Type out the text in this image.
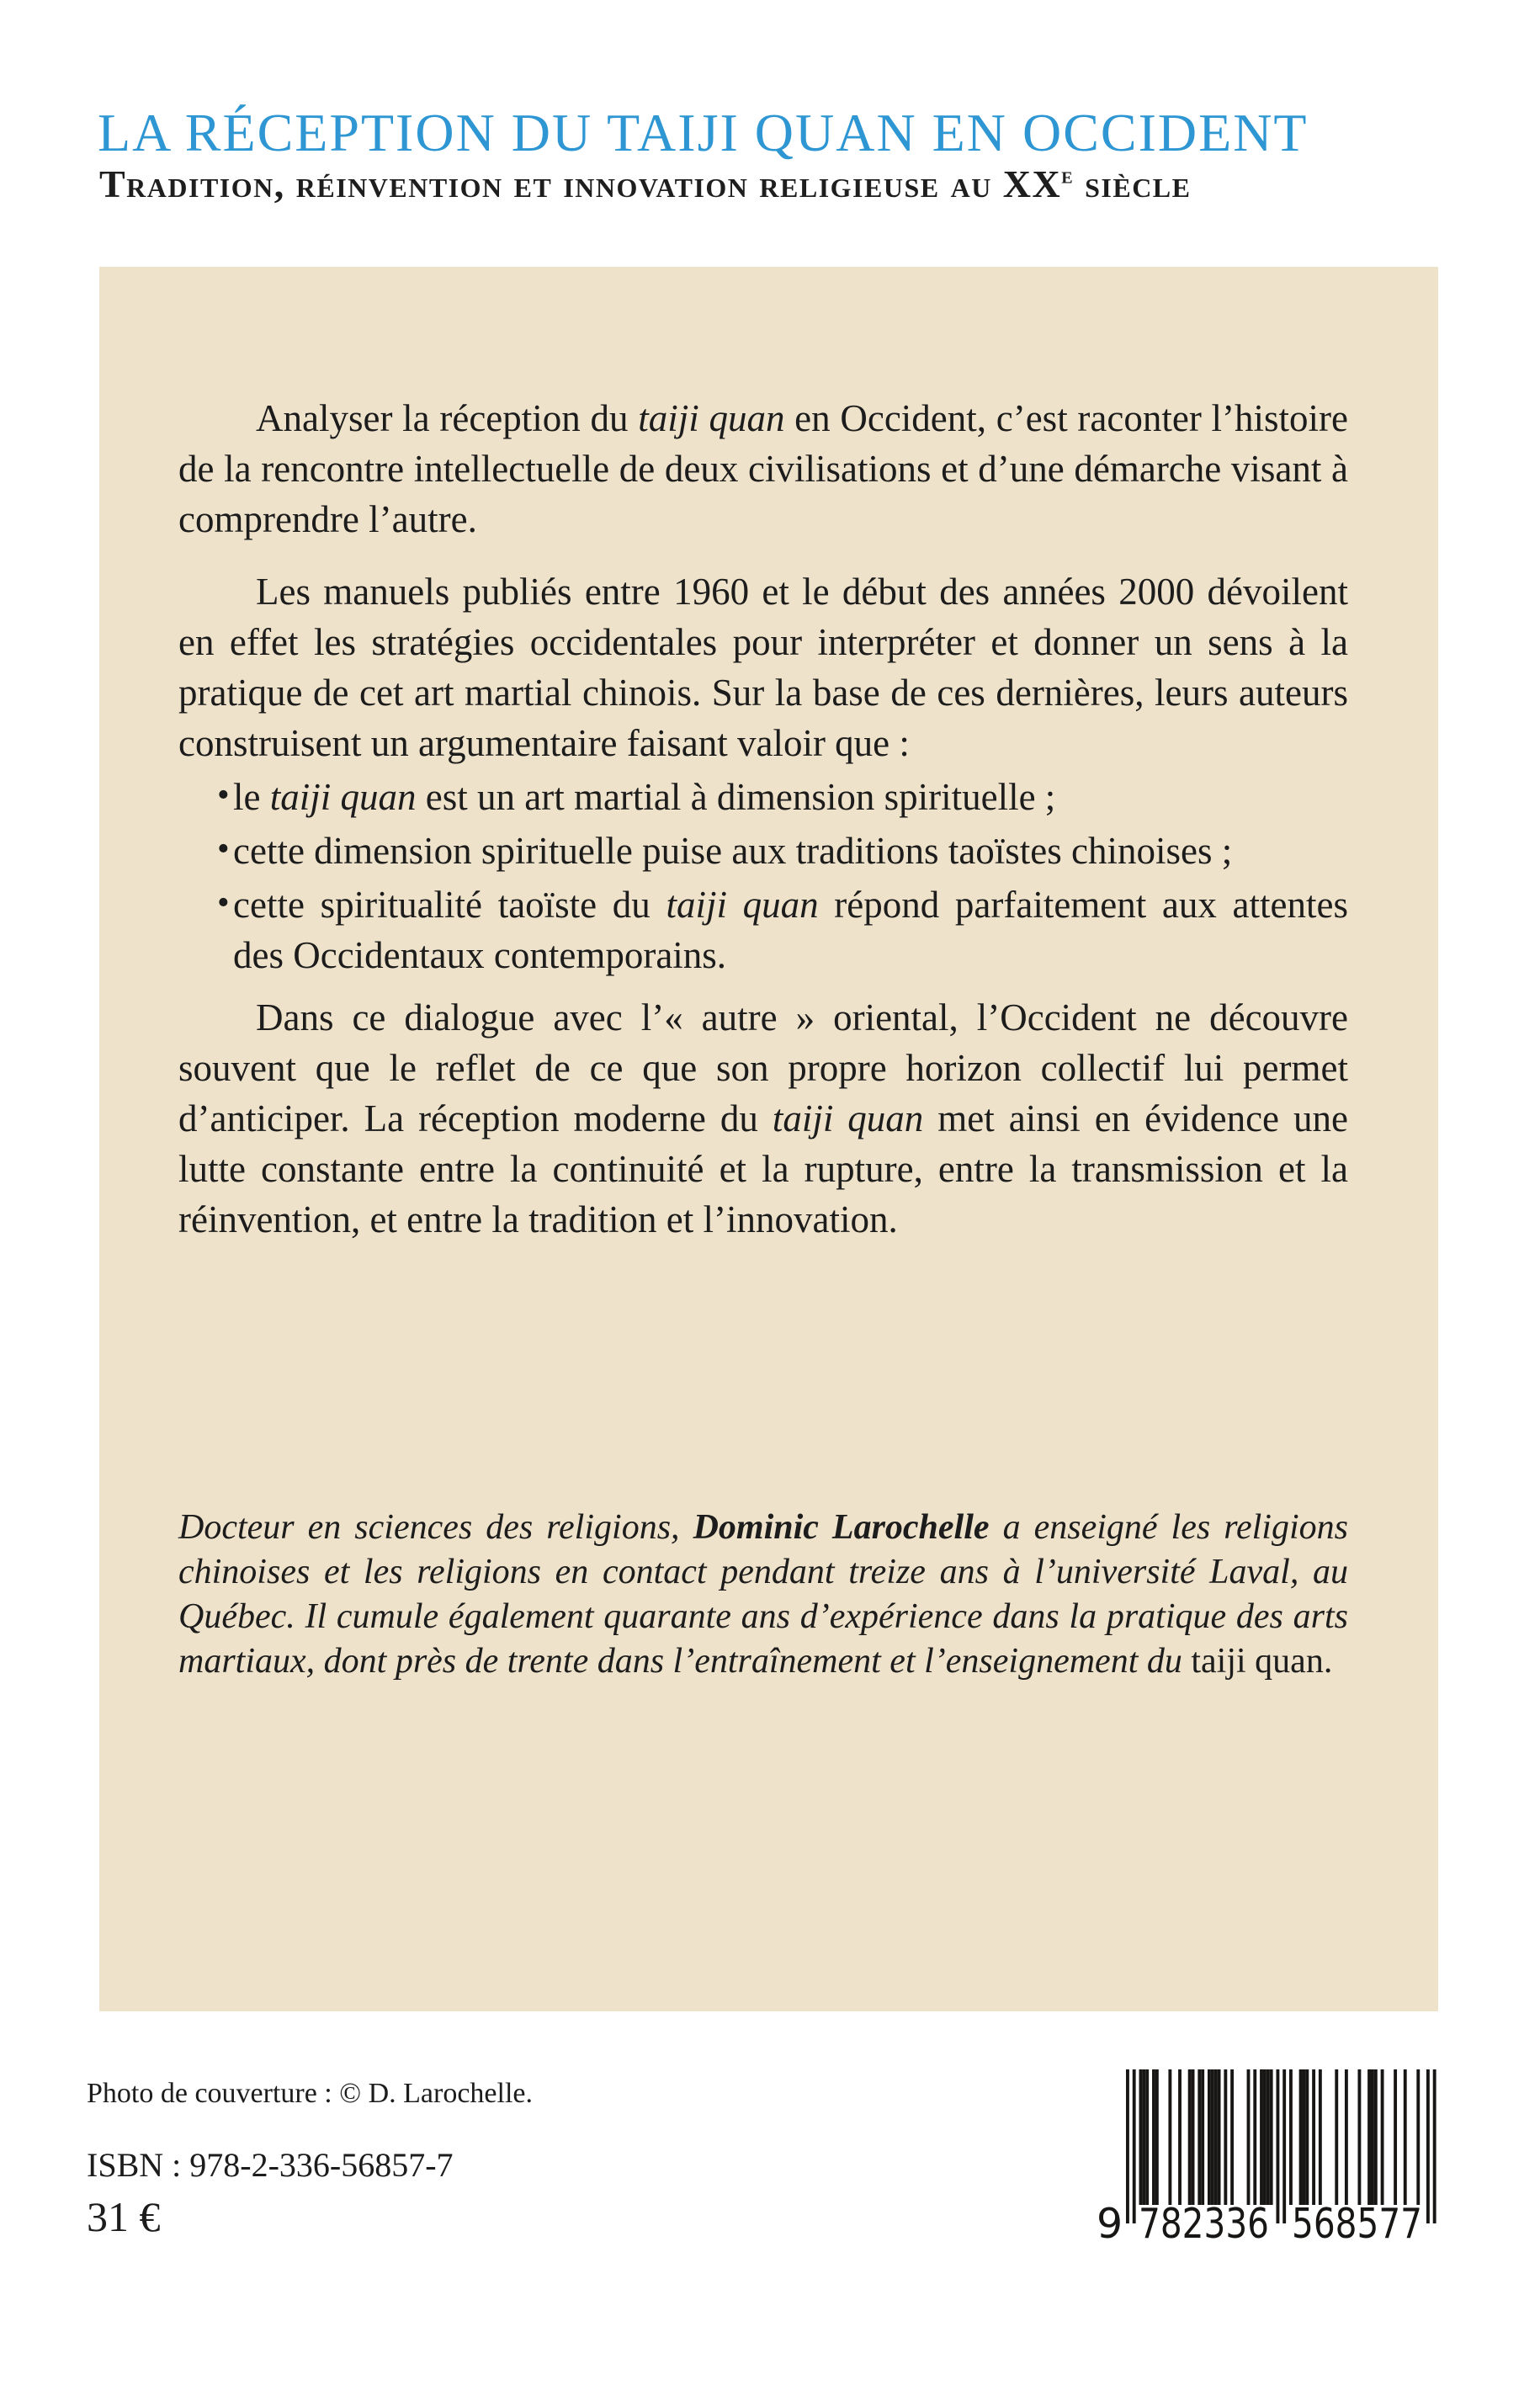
LA RÉCEPTION DU TAIJI QUAN EN OCCIDENT
Tradition, réinvention et innovation religieuse au XXe siècle

Analyser la réception du taiji quan en Occident, c’est raconter l’histoire de la rencontre intellectuelle de deux civilisations et d’une démarche visant à comprendre l’autre.

Les manuels publiés entre 1960 et le début des années 2000 dévoilent en effet les stratégies occidentales pour interpréter et donner un sens à la pratique de cet art martial chinois. Sur la base de ces dernières, leurs auteurs construisent un argumentaire faisant valoir que :

• le taiji quan est un art martial à dimension spirituelle ;
• cette dimension spirituelle puise aux traditions taoïstes chinoises ;
• cette spiritualité taoïste du taiji quan répond parfaitement aux attentes des Occidentaux contemporains.

Dans ce dialogue avec l’« autre » oriental, l’Occident ne découvre souvent que le reflet de ce que son propre horizon collectif lui permet d’anticiper. La réception moderne du taiji quan met ainsi en évidence une lutte constante entre la continuité et la rupture, entre la transmission et la réinvention, et entre la tradition et l’innovation.

Docteur en sciences des religions, Dominic Larochelle a enseigné les religions chinoises et les religions en contact pendant treize ans à l’université Laval, au Québec. Il cumule également quarante ans d’expérience dans la pratique des arts martiaux, dont près de trente dans l’entraînement et l’enseignement du taiji quan.

Photo de couverture : © D. Larochelle.
ISBN : 978-2-336-56857-7
31 €	9 782336 568577
